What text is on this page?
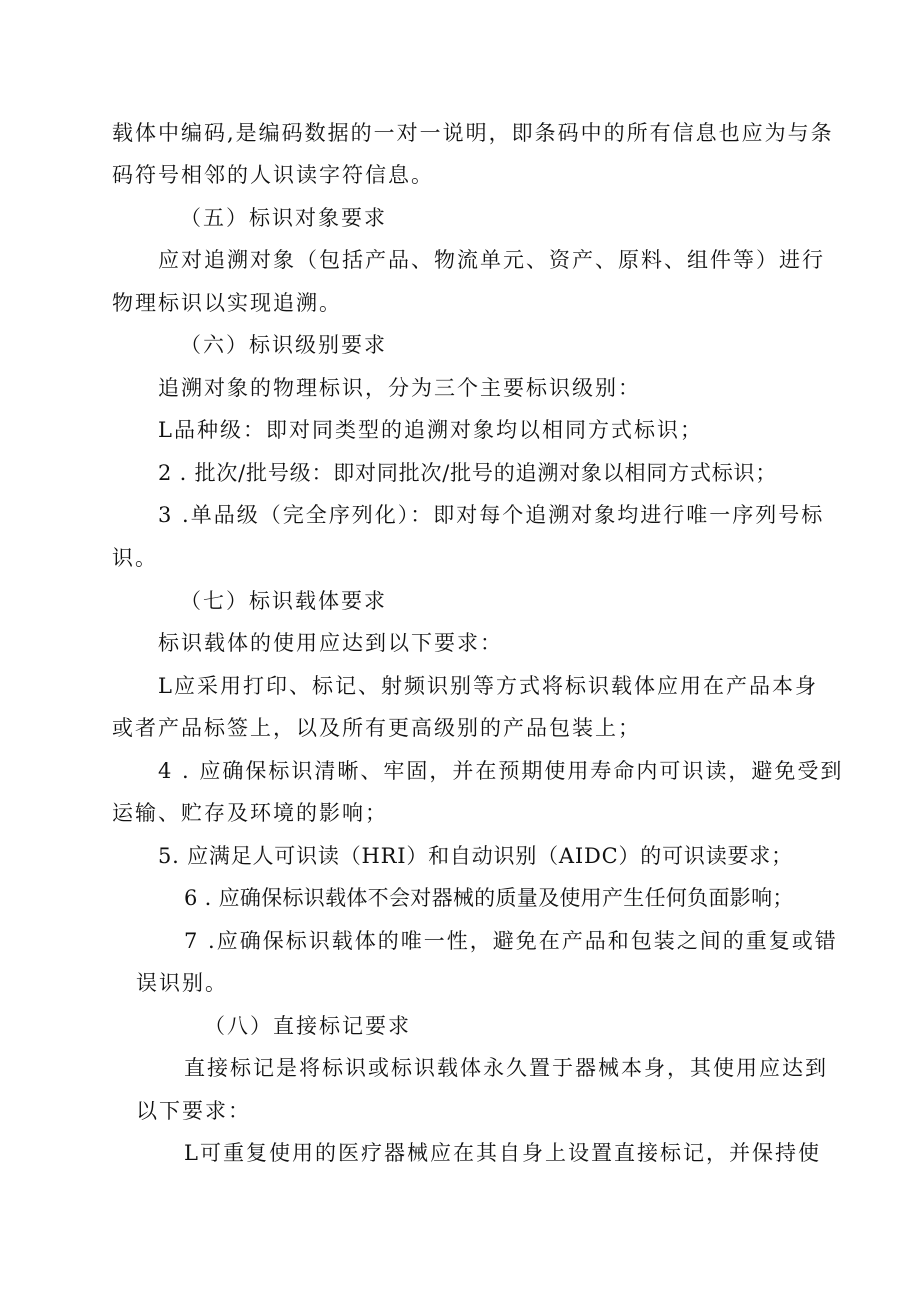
载体中编码,是编码数据的一对一说明，即条码中的所有信息也应为与条
码符号相邻的人识读字符信息。
（五）标识对象要求
应对追溯对象（包括产品、物流单元、资产、原料、组件等）进行
物理标识以实现追溯。
（六）标识级别要求
追溯对象的物理标识，分为三个主要标识级别：
L品种级：即对同类型的追溯对象均以相同方式标识；
2 . 批次/批号级：即对同批次/批号的追溯对象以相同方式标识；
3 .单品级（完全序列化）：即对每个追溯对象均进行唯一序列号标
识。
（七）标识载体要求
标识载体的使用应达到以下要求：
L应采用打印、标记、射频识别等方式将标识载体应用在产品本身
或者产品标签上，以及所有更高级别的产品包装上；
4 . 应确保标识清晰、牢固，并在预期使用寿命内可识读，避免受到
运输、贮存及环境的影响；
5. 应满足人可识读（HRI）和自动识别（AIDC）的可识读要求；
6 . 应确保标识载体不会对器械的质量及使用产生任何负面影响；
7 .应确保标识载体的唯一性，避免在产品和包装之间的重复或错
误识别。
（八）直接标记要求
直接标记是将标识或标识载体永久置于器械本身，其使用应达到
以下要求：
L可重复使用的医疗器械应在其自身上设置直接标记，并保持使
